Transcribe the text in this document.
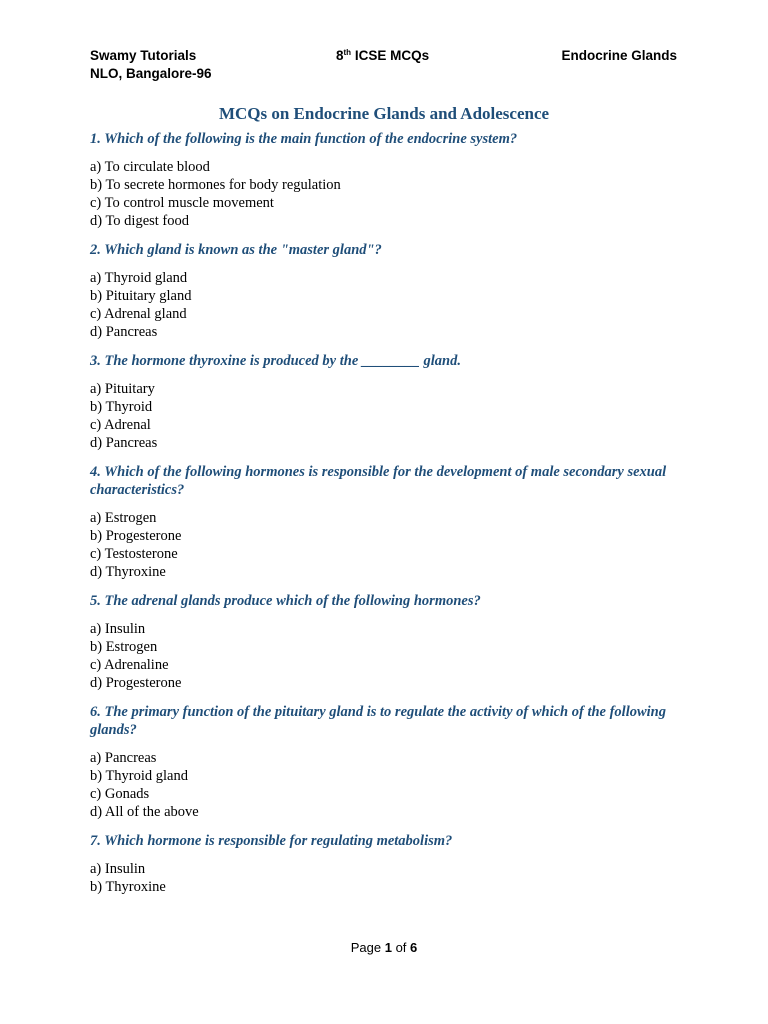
Swamy Tutorials
NLO, Bangalore-96
8th ICSE MCQs	Endocrine Glands
MCQs on Endocrine Glands and Adolescence
1. Which of the following is the main function of the endocrine system?
a) To circulate blood
b) To secrete hormones for body regulation
c) To control muscle movement
d) To digest food
2. Which gland is known as the "master gland"?
a) Thyroid gland
b) Pituitary gland
c) Adrenal gland
d) Pancreas
3. The hormone thyroxine is produced by the ________ gland.
a) Pituitary
b) Thyroid
c) Adrenal
d) Pancreas
4. Which of the following hormones is responsible for the development of male secondary sexual characteristics?
a) Estrogen
b) Progesterone
c) Testosterone
d) Thyroxine
5. The adrenal glands produce which of the following hormones?
a) Insulin
b) Estrogen
c) Adrenaline
d) Progesterone
6. The primary function of the pituitary gland is to regulate the activity of which of the following glands?
a) Pancreas
b) Thyroid gland
c) Gonads
d) All of the above
7. Which hormone is responsible for regulating metabolism?
a) Insulin
b) Thyroxine
Page 1 of 6
